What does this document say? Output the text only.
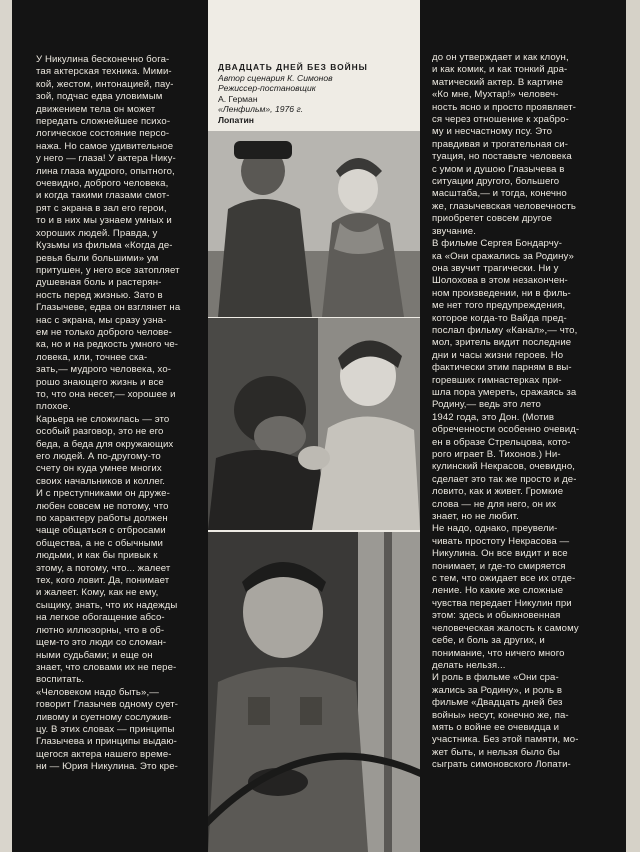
У Никулина бесконечно бога-
тая актерская техника. Мими-
кой, жестом, интонацией, пау-
зой, подчас едва уловимым
движением тела он может
передать сложнейшее психо-
логическое состояние персо-
нажа. Но самое удивительное
у него — глаза! У актера Нику-
лина глаза мудрого, опытного,
очевидно, доброго человека,
и когда такими глазами смот-
рят с экрана в зал его герои,
то и в них мы узнаем умных и
хороших людей. Правда, у
Кузьмы из фильма «Когда де-
ревья были большими» ум
притушен, у него все затопляет
душевная боль и растерян-
ность перед жизнью. Зато в
Глазычеве, едва он взглянет на
нас с экрана, мы сразу узна-
ем не только доброго челове-
ка, но и на редкость умного че-
ловека, или, точнее ска-
зать,— мудрого человека, хо-
рошо знающего жизнь и все
то, что она несет,— хорошее и
плохое.
Карьера не сложилась — это
особый разговор, это не его
беда, а беда для окружающих
его людей. А по-другому-то
счету он куда умнее многих
своих начальников и коллег.
И с преступниками он друже-
любен совсем не потому, что
по характеру работы должен
чаще общаться с отбросами
общества, а не с обычными
людьми, и как бы привык к
этому, а потому, что... жалеет
тех, кого ловит. Да, понимает
и жалеет. Кому, как не ему,
сыщику, знать, что их надежды
на легкое обогащение абсо-
лютно иллюзорны, что в об-
щем-то это люди со сломан-
ными судьбами; и еще он
знает, что словами их не пере-
воспитать.
«Человеком надо быть»,—
говорит Глазычев одному сует-
ливому и суетному сослужив-
цу. В этих словах — принципы
Глазычева и принципы выдаю-
щегося актера нашего време-
ни — Юрия Никулина. Это кре-
ДВАДЦАТЬ ДНЕЙ БЕЗ ВОЙНЫ
Автор сценария К. Симонов
Режиссер-постановщик
А. Герман
«Ленфильм», 1976 г.
Лопатин
до он утверждает и как клоун,
и как комик, и как тонкий дра-
матический актер. В картине
«Ко мне, Мухтар!» человеч-
ность ясно и просто проявляет-
ся через отношение к храбро-
му и несчастному псу. Это
правдивая и трогательная си-
туация, но поставьте человека
с умом и душою Глазычева в
ситуации другого, большего
масштаба,— и тогда, конечно
же, глазычевская человечность
приобретет совсем другое
звучание.
В фильме Сергея Бондарчу-
ка «Они сражались за Родину»
она звучит трагически. Ни у
Шолохова в этом незакончен-
ном произведении, ни в филь-
ме нет того предупреждения,
которое когда-то Вайда пред-
послал фильму «Канал»,— что,
мол, зритель видит последние
дни и часы жизни героев. Но
фактически этим парням в вы-
горевших гимнастерках при-
шла пора умереть, сражаясь за
Родину,— ведь это лето
1942 года, это Дон. (Мотив
обреченности особенно очевид-
ен в образе Стрельцова, кото-
рого играет В. Тихонов.) Ни-
кулинский Некрасов, очевидно,
сделает это так же просто и де-
ловито, как и живет. Громкие
слова — не для него, он их
знает, но не любит.
Не надо, однако, преувели-
чивать простоту Некрасова —
Никулина. Он все видит и все
понимает, и где-то смиряется
с тем, что ожидает все их отде-
ление. Но какие же сложные
чувства передает Никулин при
этом: здесь и обыкновенная
человеческая жалость к самому
себе, и боль за других, и
понимание, что ничего много
делать нельзя...
И роль в фильме «Они сра-
жались за Родину», и роль в
фильме «Двадцать дней без
войны» несут, конечно же, па-
мять о войне ее очевидца и
участника. Без этой памяти, мо-
жет быть, и нельзя было бы
сыграть симоновского Лопати-
